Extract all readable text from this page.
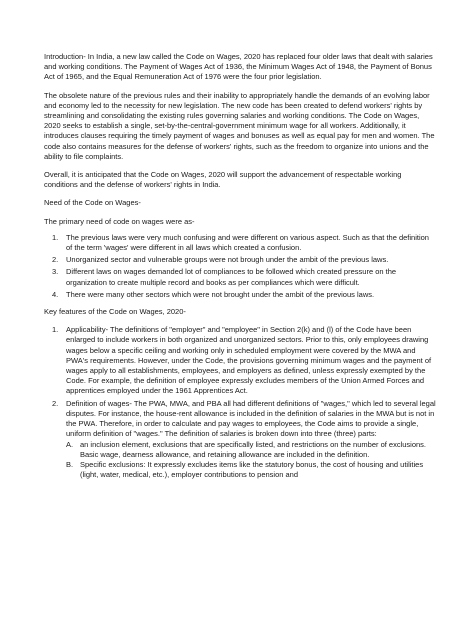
Introduction- In India, a new law called the Code on Wages, 2020 has replaced four older laws that dealt with salaries and working conditions. The Payment of Wages Act of 1936, the Minimum Wages Act of 1948, the Payment of Bonus Act of 1965, and the Equal Remuneration Act of 1976 were the four prior legislation.

The obsolete nature of the previous rules and their inability to appropriately handle the demands of an evolving labor and economy led to the necessity for new legislation. The new code has been created to defend workers' rights by streamlining and consolidating the existing rules governing salaries and working conditions. The Code on Wages, 2020 seeks to establish a single, set-by-the-central-government minimum wage for all workers. Additionally, it introduces clauses requiring the timely payment of wages and bonuses as well as equal pay for men and women. The code also contains measures for the defense of workers' rights, such as the freedom to organize into unions and the ability to file complaints.

Overall, it is anticipated that the Code on Wages, 2020 will support the advancement of respectable working conditions and the defense of workers' rights in India.

Need of the Code on Wages-

The primary need of code on wages were as-

1. The previous laws were very much confusing and were different on various aspect. Such as that the definition of the term 'wages' were different in all laws which created a confusion.
2. Unorganized sector and vulnerable groups were not brough under the ambit of the previous laws.
3. Different laws on wages demanded lot of compliances to be followed which created pressure on the organization to create multiple record and books as per compliances which were difficult.
4. There were many other sectors which were not brought under the ambit of the previous laws.

Key features of the Code on Wages, 2020-

1. Applicability- The definitions of "employer" and "employee" in Section 2(k) and (l) of the Code have been enlarged to include workers in both organized and unorganized sectors. Prior to this, only employees drawing wages below a specific ceiling and working only in scheduled employment were covered by the MWA and PWA's requirements. However, under the Code, the provisions governing minimum wages and the payment of wages apply to all establishments, employees, and employers as defined, unless expressly exempted by the Code. For example, the definition of employee expressly excludes members of the Union Armed Forces and apprentices employed under the 1961 Apprentices Act.
2. Definition of wages- The PWA, MWA, and PBA all had different definitions of "wages," which led to several legal disputes. For instance, the house-rent allowance is included in the definition of salaries in the MWA but is not in the PWA. Therefore, in order to calculate and pay wages to employees, the Code aims to provide a single, uniform definition of "wages." The definition of salaries is broken down into three (three) parts:
A. an inclusion element, exclusions that are specifically listed, and restrictions on the number of exclusions. Basic wage, dearness allowance, and retaining allowance are included in the definition.
B. Specific exclusions: It expressly excludes items like the statutory bonus, the cost of housing and utilities (light, water, medical, etc.), employer contributions to pension and
